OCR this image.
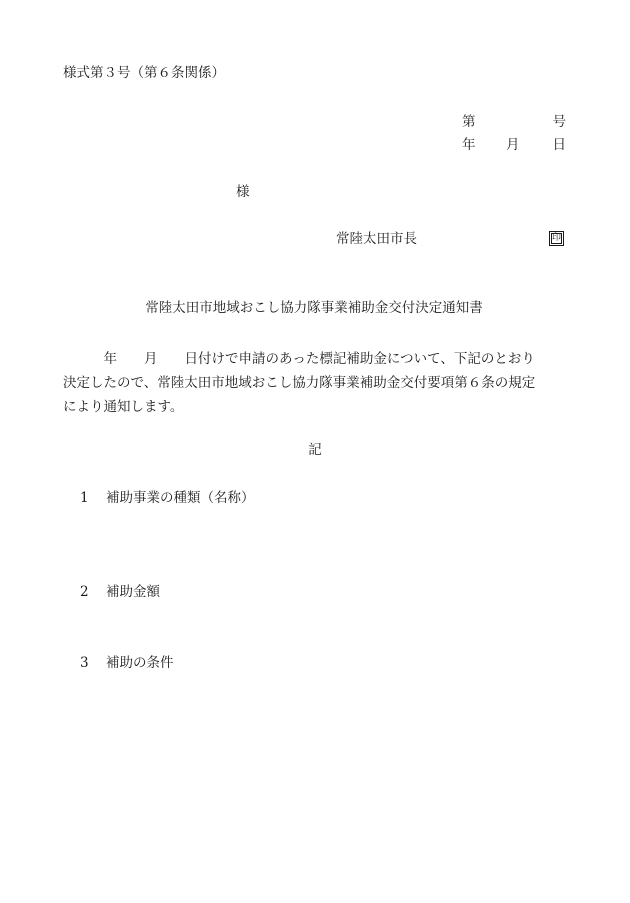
様式第３号（第６条関係）
第	号
年 月 日
様
常陸太田市長	印
常陸太田市地域おこし協力隊事業補助金交付決定通知書
　　　年　　月　　日付けで申請のあった標記補助金について、下記のとおり
決定したので、常陸太田市地域おこし協力隊事業補助金交付要項第６条の規定
により通知します。
記
1 補助事業の種類（名称）
2 補助金額
3 補助の条件
